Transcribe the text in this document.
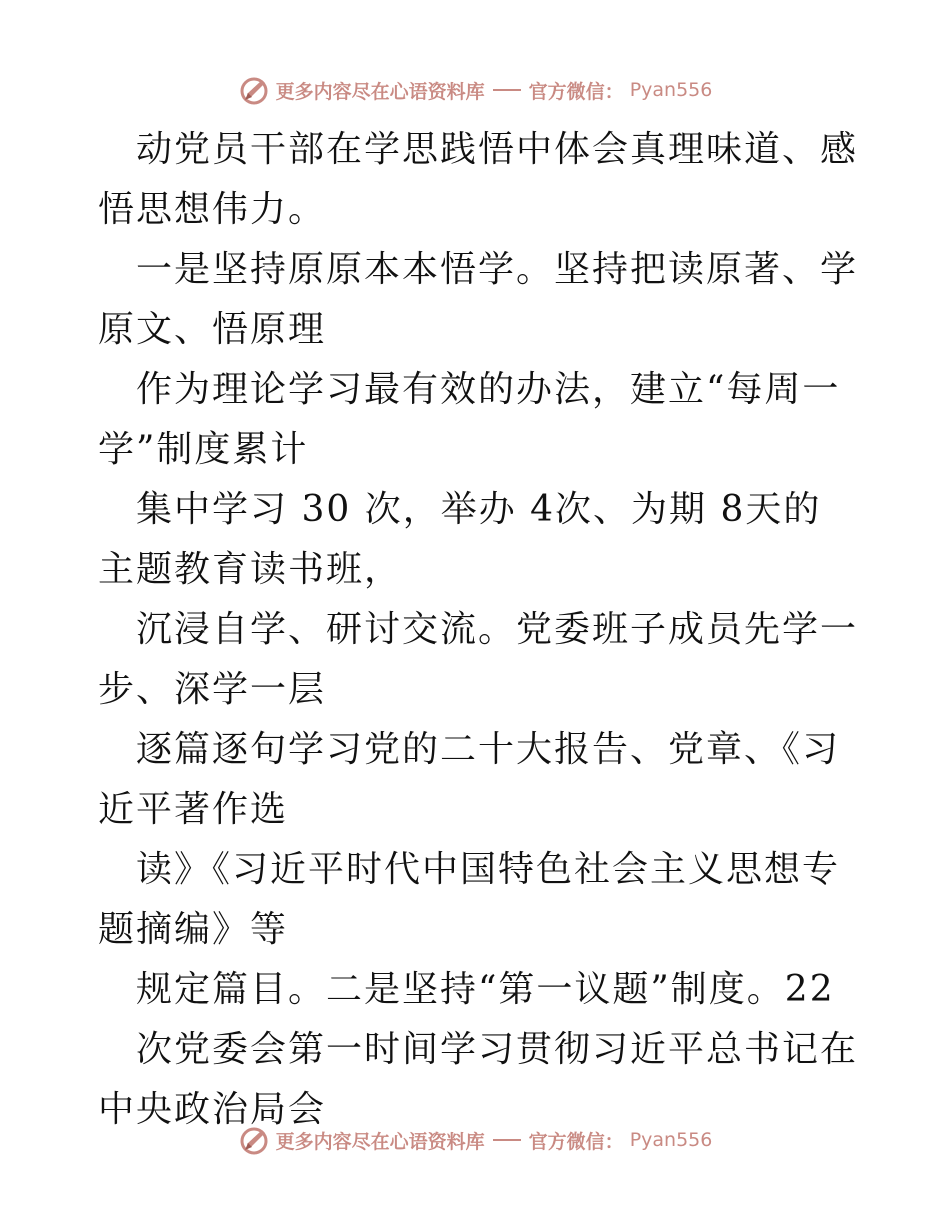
更多内容尽在心语资料库 官方微信： Pyan556

动党员干部在学思践悟中体会真理味道、感悟思想伟力。

一是坚持原原本本悟学。坚持把读原著、学原文、悟原理

作为理论学习最有效的办法，建立“每周一学”制度累计

集中学习 30 次，举办 4次、为期 8天的主题教育读书班，

沉浸自学、研讨交流。党委班子成员先学一步、深学一层

逐篇逐句学习党的二十大报告、党章、《习近平著作选

读》《习近平时代中国特色社会主义思想专题摘编》等

规定篇目。二是坚持“第一议题”制度。22

次党委会第一时间学习贯彻习近平总书记在中央政治局会

更多内容尽在心语资料库 官方微信： Pyan556
